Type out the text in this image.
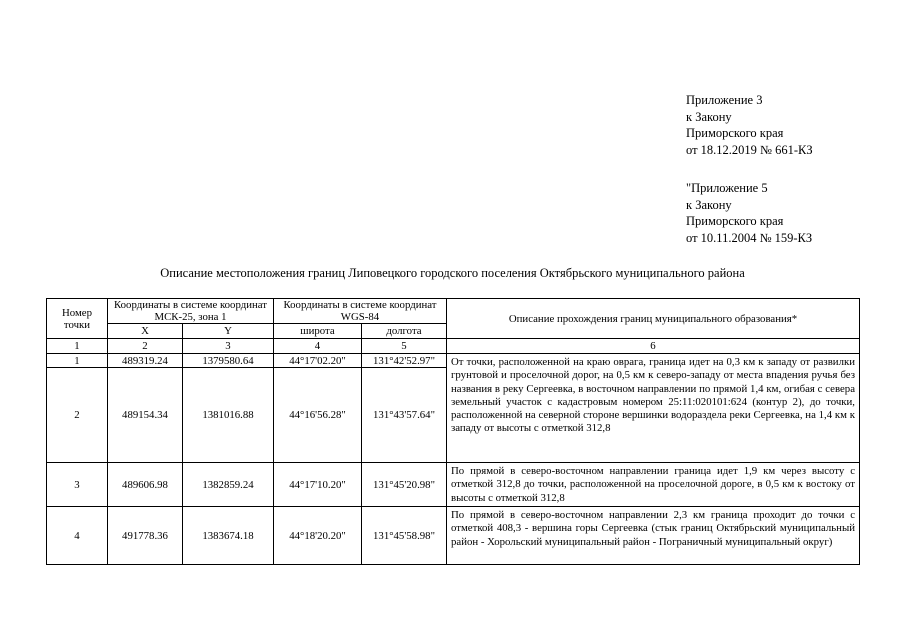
Приложение 3
к Закону
Приморского края
от 18.12.2019 № 661-КЗ
"Приложение 5
к Закону
Приморского края
от 10.11.2004 № 159-КЗ
Описание местоположения границ Липовецкого городского поселения Октябрьского муниципального района
Номер точки	Координаты в системе координат МСК-25, зона 1		Координаты в системе координат WGS-84		Описание прохождения границ муниципального образования*
	X	Y	широта	долгота	
1	2	3	4	5	6
1	489319.24	1379580.64	44°17'02.20"	131°42'52.97"	От точки, расположенной на краю оврага, граница идет на 0,3 км к западу от развилки грунтовой и проселочной дорог, на 0,5 км к северо-западу от места впадения ручья без названия в реку Сергеевка, в восточном направлении по прямой 1,4 км, огибая с севера земельный участок с кадастровым номером 25:11:020101:624 (контур 2), до точки, расположенной на северной стороне вершинки водораздела реки Сергеевка, на 1,4 км к западу от высоты с отметкой 312,8
2	489154.34	1381016.88	44°16'56.28"	131°43'57.64"	
3	489606.98	1382859.24	44°17'10.20"	131°45'20.98"	По прямой в северо-восточном направлении граница идет 1,9 км через высоту с отметкой 312,8 до точки, расположенной на проселочной дороге, в 0,5 км к востоку от высоты с отметкой 312,8
4	491778.36	1383674.18	44°18'20.20"	131°45'58.98"	По прямой в северо-восточном направлении 2,3 км граница проходит до точки с отметкой 408,3 - вершина горы Сергеевка (стык границ Октябрьский муниципальный район - Хорольский муниципальный район - Пограничный муниципальный округ)
